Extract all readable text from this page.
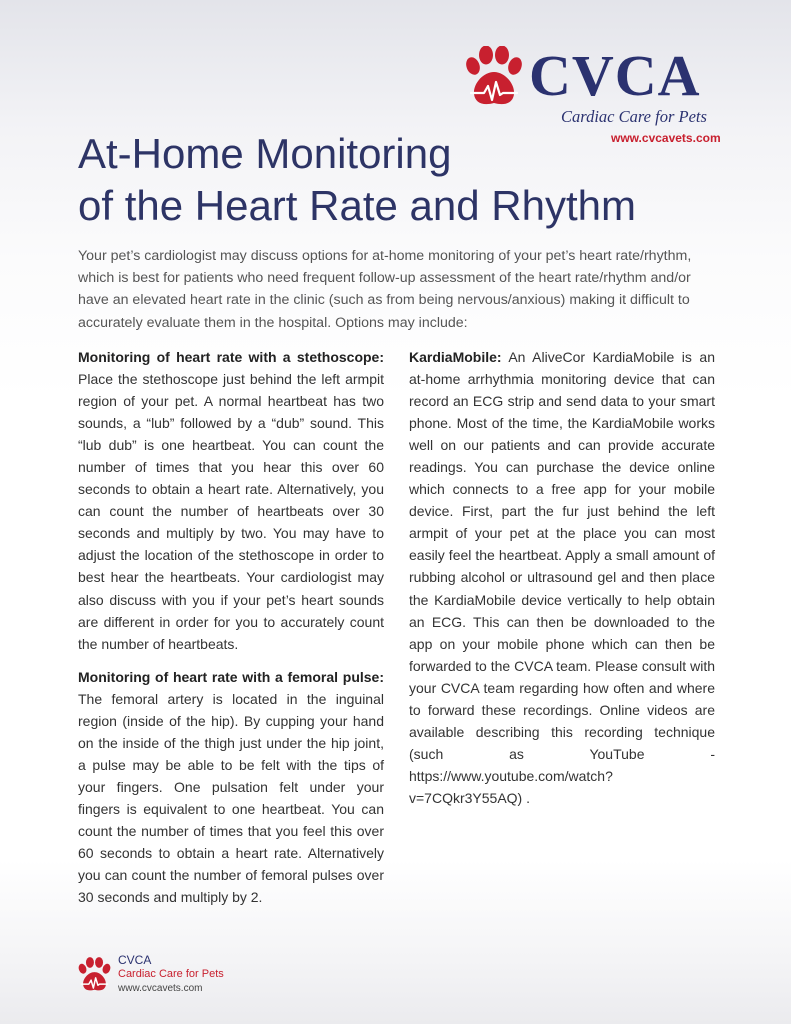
CVCA
Cardiac Care for Pets
www.cvcavets.com
At-Home Monitoring
of the Heart Rate and Rhythm

Your pet’s cardiologist may discuss options for at-home monitoring of your pet’s heart rate/rhythm, which is best for patients who need frequent follow-up assessment of the heart rate/rhythm and/or have an elevated heart rate in the clinic (such as from being nervous/anxious) making it difficult to accurately evaluate them in the hospital. Options may include:

Monitoring of heart rate with a stethoscope: Place the stethoscope just behind the left armpit region of your pet. A normal heartbeat has two sounds, a “lub” followed by a “dub” sound. This “lub dub” is one heartbeat. You can count the number of times that you hear this over 60 seconds to obtain a heart rate. Alternatively, you can count the number of heartbeats over 30 seconds and multiply by two. You may have to adjust the location of the stethoscope in order to best hear the heartbeats. Your cardiologist may also discuss with you if your pet’s heart sounds are different in order for you to accurately count the number of heartbeats.

Monitoring of heart rate with a femoral pulse: The femoral artery is located in the inguinal region (inside of the hip). By cupping your hand on the inside of the thigh just under the hip joint, a pulse may be able to be felt with the tips of your fingers. One pulsation felt under your fingers is equivalent to one heartbeat. You can count the number of times that you feel this over 60 seconds to obtain a heart rate. Alternatively you can count the number of femoral pulses over 30 seconds and multiply by 2.

KardiaMobile: An AliveCor KardiaMobile is an at-home arrhythmia monitoring device that can record an ECG strip and send data to your smart phone. Most of the time, the KardiaMobile works well on our patients and can provide accurate readings. You can purchase the device online which connects to a free app for your mobile device. First, part the fur just behind the left armpit of your pet at the place you can most easily feel the heartbeat. Apply a small amount of rubbing alcohol or ultrasound gel and then place the KardiaMobile device vertically to help obtain an ECG. This can then be downloaded to the app on your mobile phone which can then be forwarded to the CVCA team. Please consult with your CVCA team regarding how often and where to forward these recordings. Online videos are available describing this recording technique (such as YouTube - https://www.youtube.com/watch?v=7CQkr3Y55AQ) .

CVCA
Cardiac Care for Pets
www.cvcavets.com
